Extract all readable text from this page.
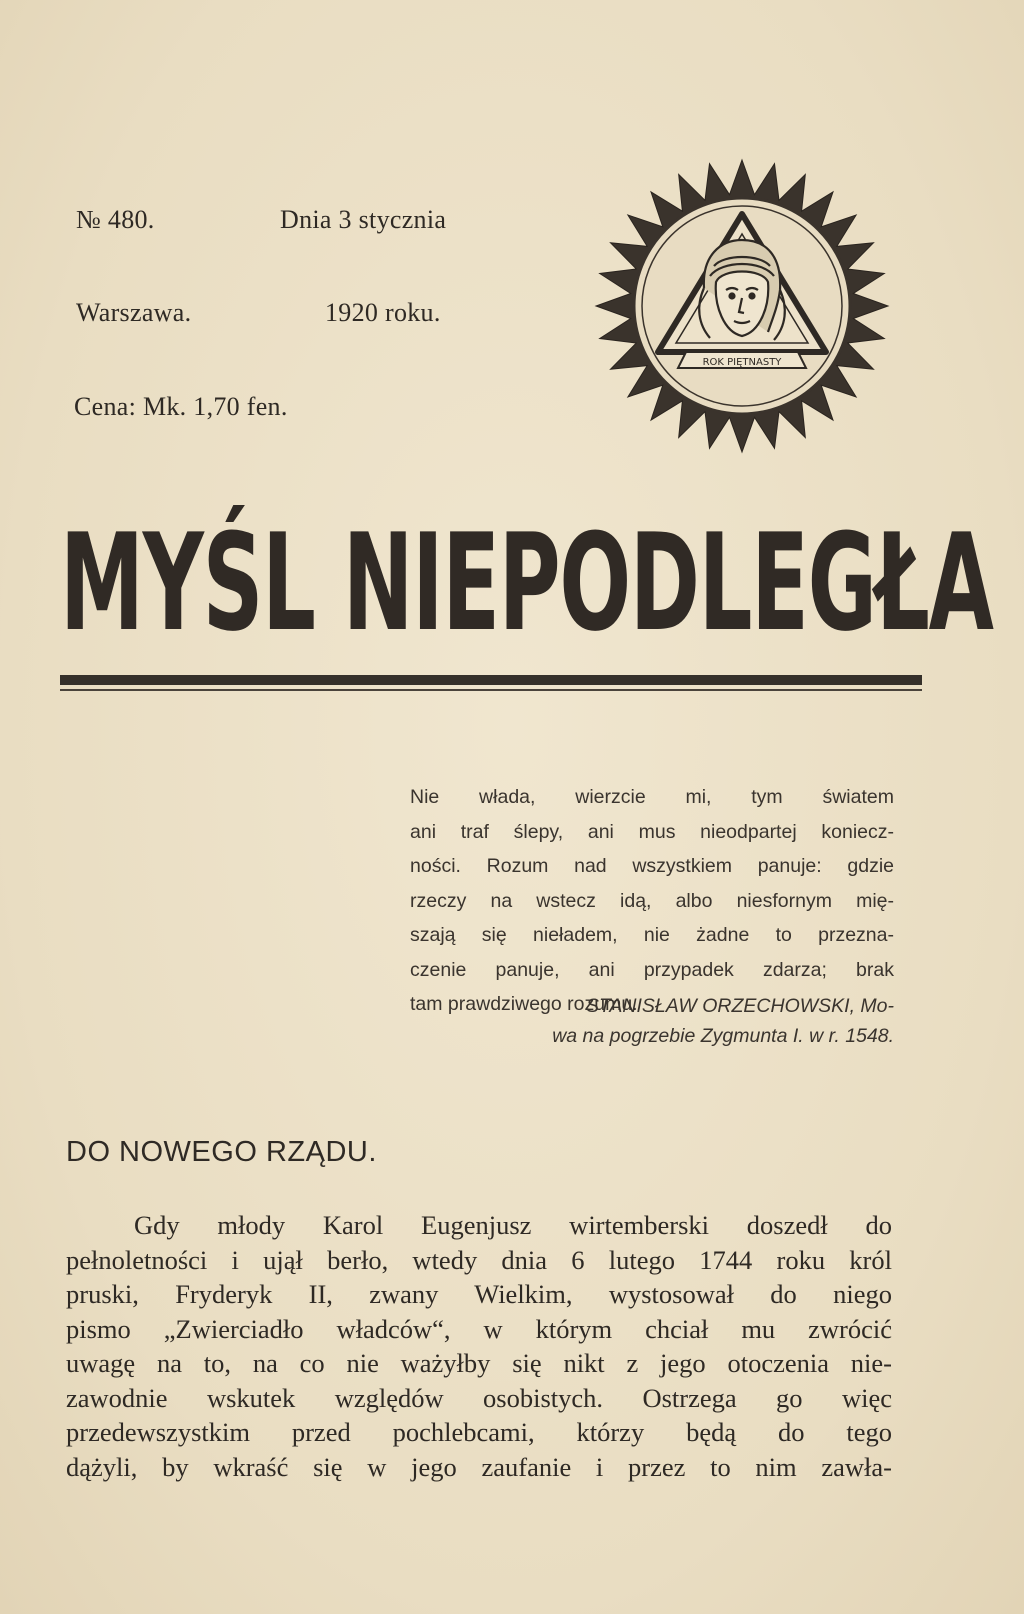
№ 480.	Dnia 3 stycznia
Warszawa.	1920 roku.
Cena: Mk. 1,70 fen.
ROK PIĘTNASTY
MYŚL NIEPODLEGŁA
Nie włada, wierzcie mi, tym światem
ani traf ślepy, ani mus nieodpartej koniecz-
ności. Rozum nad wszystkiem panuje: gdzie
rzeczy na wstecz idą, albo niesfornym mię-
szają się nieładem, nie żadne to przezna-
czenie panuje, ani przypadek zdarza; brak
tam prawdziwego rozumu.
STANISŁAW ORZECHOWSKI, Mo-
wa na pogrzebie Zygmunta I. w r. 1548.
DO NOWEGO RZĄDU.
Gdy młody Karol Eugenjusz wirtemberski doszedł do
pełnoletności i ujął berło, wtedy dnia 6 lutego 1744 roku król
pruski, Fryderyk II, zwany Wielkim, wystosował do niego
pismo „Zwierciadło władców“, w którym chciał mu zwrócić
uwagę na to, na co nie ważyłby się nikt z jego otoczenia nie-
zawodnie wskutek względów osobistych. Ostrzega go więc
przedewszystkim przed pochlebcami, którzy będą do tego
dążyli, by wkraść się w jego zaufanie i przez to nim zawła-
